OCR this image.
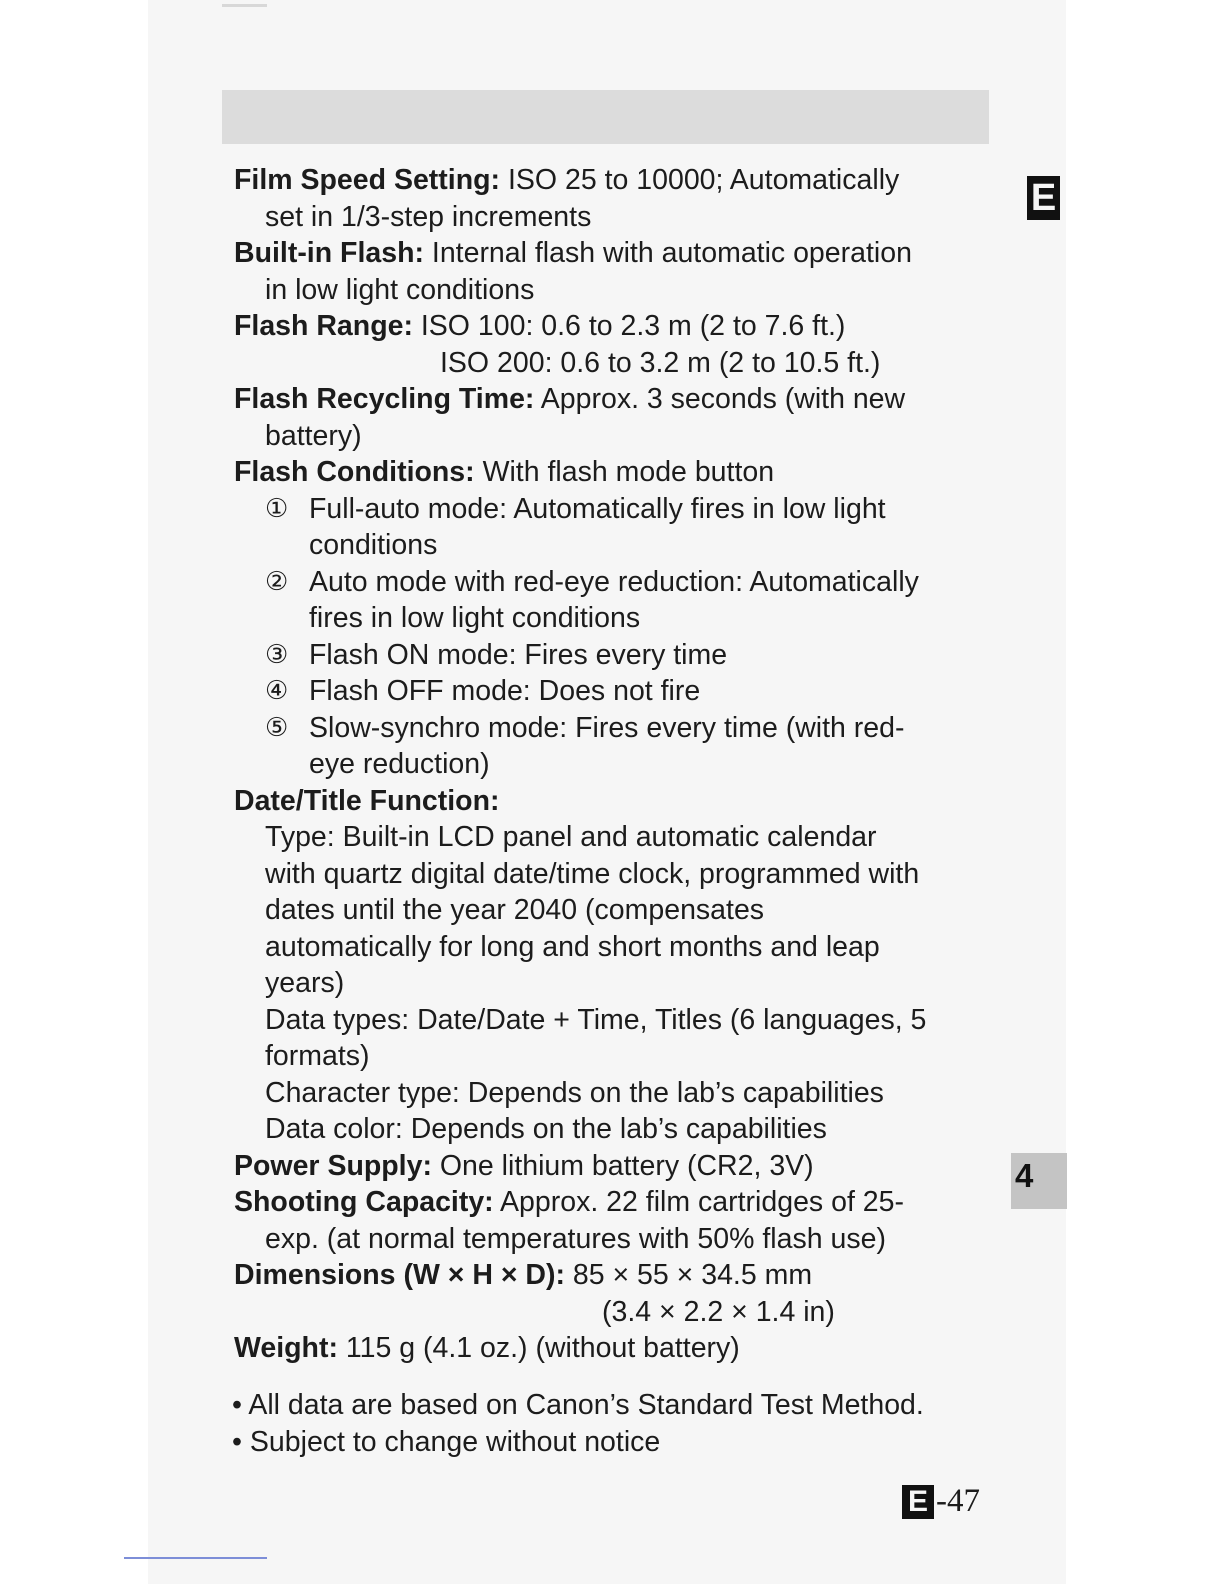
E
Film Speed Setting: ISO 25 to 10000; Automatically
set in 1/3-step increments
Built-in Flash: Internal flash with automatic operation
in low light conditions
Flash Range: ISO 100: 0.6 to 2.3 m (2 to 7.6 ft.)
ISO 200: 0.6 to 3.2 m (2 to 10.5 ft.)
Flash Recycling Time: Approx. 3 seconds (with new
battery)
Flash Conditions: With flash mode button
① Full-auto mode: Automatically fires in low light
conditions
② Auto mode with red-eye reduction: Automatically
fires in low light conditions
③ Flash ON mode: Fires every time
④ Flash OFF mode: Does not fire
⑤ Slow-synchro mode: Fires every time (with red-
eye reduction)
Date/Title Function:
Type: Built-in LCD panel and automatic calendar
with quartz digital date/time clock, programmed with
dates until the year 2040 (compensates
automatically for long and short months and leap
years)
Data types: Date/Date + Time, Titles (6 languages, 5
formats)
Character type: Depends on the lab’s capabilities
Data color: Depends on the lab’s capabilities
Power Supply: One lithium battery (CR2, 3V)
Shooting Capacity: Approx. 22 film cartridges of 25-
exp. (at normal temperatures with 50% flash use)
Dimensions (W × H × D): 85 × 55 × 34.5 mm
(3.4 × 2.2 × 1.4 in)
Weight: 115 g (4.1 oz.) (without battery)
• All data are based on Canon’s Standard Test Method.
• Subject to change without notice
4
E -47
